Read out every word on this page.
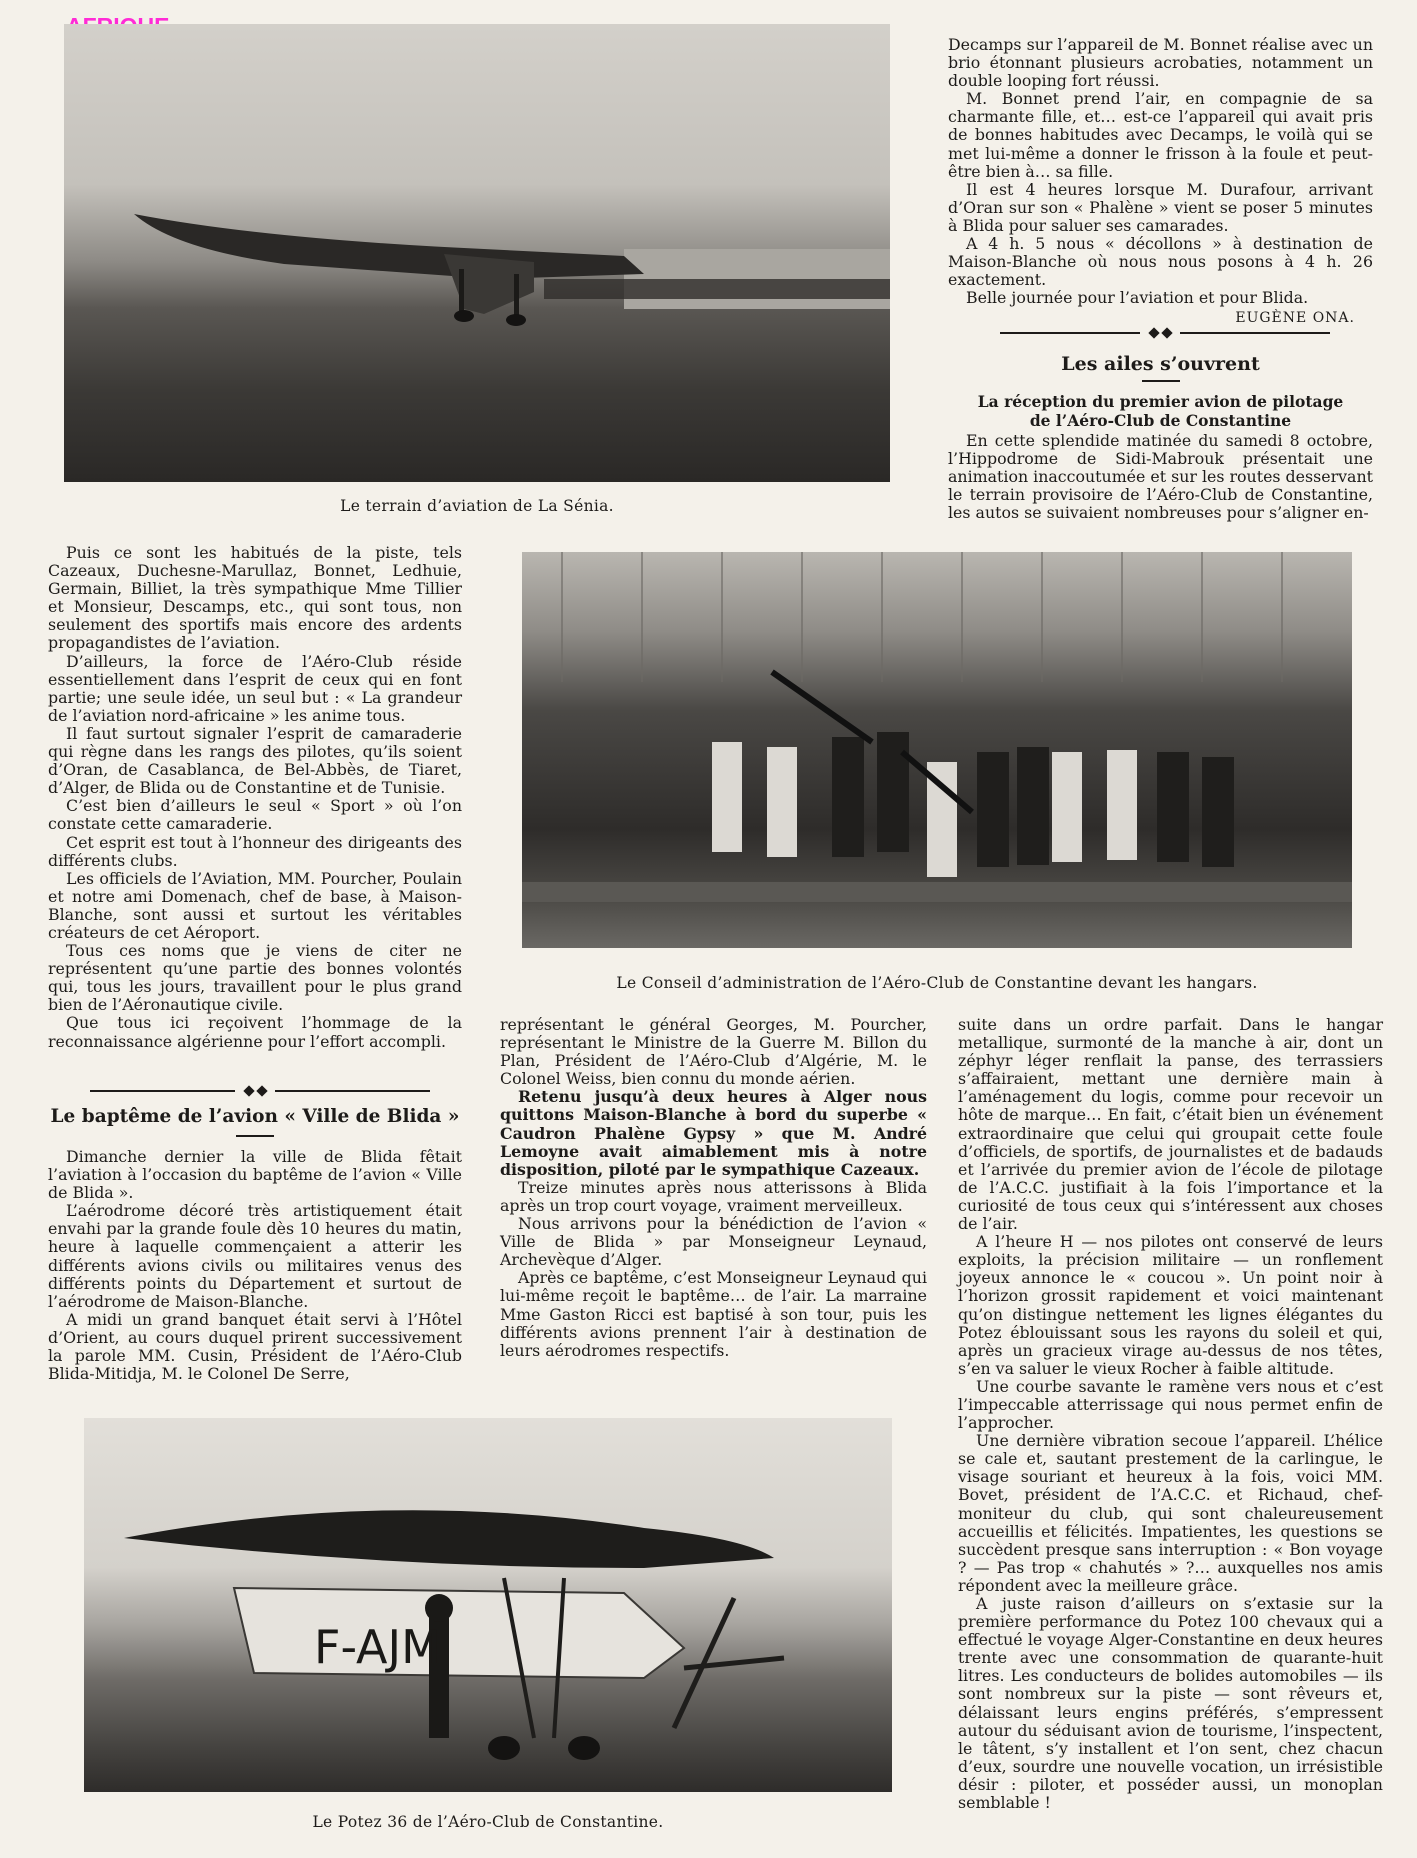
Le terrain d’aviation de La Sénia.

Decamps sur l’appareil de M. Bonnet réalise avec un brio étonnant plusieurs acrobaties, notamment un double looping fort réussi.

M. Bonnet prend l’air, en compagnie de sa charmante fille, et… est-ce l’appareil qui avait pris de bonnes habitudes avec Decamps, le voilà qui se met lui-même a donner le frisson à la foule et peut-être bien à… sa fille.

Il est 4 heures lorsque M. Durafour, arrivant d’Oran sur son « Phalène » vient se poser 5 minutes à Blida pour saluer ses camarades.

A 4 h. 5 nous « décollons » à destination de Maison-Blanche où nous nous posons à 4 h. 26 exactement.

Belle journée pour l’aviation et pour Blida.

EUGÈNE ONA.
Les ailes s’ouvrent
La réception du premier avion de pilotage
de l’Aéro-Club de Constantine

En cette splendide matinée du samedi 8 octobre, l’Hippodrome de Sidi-Mabrouk présentait une animation inaccoutumée et sur les routes desservant le terrain provisoire de l’Aéro-Club de Constantine, les autos se suivaient nombreuses pour s’aligner en-

Puis ce sont les habitués de la piste, tels Cazeaux, Duchesne-Marullaz, Bonnet, Ledhuie, Germain, Billiet, la très sympathique Mme Tillier et Monsieur, Descamps, etc., qui sont tous, non seulement des sportifs mais encore des ardents propagandistes de l’aviation.

D’ailleurs, la force de l’Aéro-Club réside essentiellement dans l’esprit de ceux qui en font partie; une seule idée, un seul but : « La grandeur de l’aviation nord-africaine » les anime tous.

Il faut surtout signaler l’esprit de camaraderie qui règne dans les rangs des pilotes, qu’ils soient d’Oran, de Casablanca, de Bel-Abbès, de Tiaret, d’Alger, de Blida ou de Constantine et de Tunisie.

C’est bien d’ailleurs le seul « Sport » où l’on constate cette camaraderie.

Cet esprit est tout à l’honneur des dirigeants des différents clubs.

Les officiels de l’Aviation, MM. Pourcher, Poulain et notre ami Domenach, chef de base, à Maison-Blanche, sont aussi et surtout les véritables créateurs de cet Aéroport.

Tous ces noms que je viens de citer ne représentent qu’une partie des bonnes volontés qui, tous les jours, travaillent pour le plus grand bien de l’Aéronautique civile.

Que tous ici reçoivent l’hommage de la reconnaissance algérienne pour l’effort accompli.

Le Conseil d’administration de l’Aéro-Club de Constantine devant les hangars.
Le baptême de l’avion « Ville de Blida »

Dimanche dernier la ville de Blida fêtait l’aviation à l’occasion du baptême de l’avion « Ville de Blida ».

L’aérodrome décoré très artistiquement était envahi par la grande foule dès 10 heures du matin, heure à laquelle commençaient a atterir les différents avions civils ou militaires venus des différents points du Département et surtout de l’aérodrome de Maison-Blanche.

A midi un grand banquet était servi à l’Hôtel d’Orient, au cours duquel prirent successivement la parole MM. Cusin, Président de l’Aéro-Club Blida-Mitidja, M. le Colonel De Serre,

représentant le général Georges, M. Pourcher, représentant le Ministre de la Guerre M. Billon du Plan, Président de l’Aéro-Club d’Algérie, M. le Colonel Weiss, bien connu du monde aérien.

Retenu jusqu’à deux heures à Alger nous quittons Maison-Blanche à bord du superbe « Caudron Phalène Gypsy » que M. André Lemoyne avait aimablement mis à notre disposition, piloté par le sympathique Cazeaux.

Treize minutes après nous atterissons à Blida après un trop court voyage, vraiment merveilleux.

Nous arrivons pour la bénédiction de l’avion « Ville de Blida » par Monseigneur Leynaud, Archevèque d’Alger.

Après ce baptême, c’est Monseigneur Leynaud qui lui-même reçoit le baptême… de l’air. La marraine Mme Gaston Ricci est baptisé à son tour, puis les différents avions prennent l’air à destination de leurs aérodromes respectifs.

suite dans un ordre parfait. Dans le hangar metallique, surmonté de la manche à air, dont un zéphyr léger renflait la panse, des terrassiers s’affairaient, mettant une dernière main à l’aménagement du logis, comme pour recevoir un hôte de marque… En fait, c’était bien un événement extraordinaire que celui qui groupait cette foule d’officiels, de sportifs, de journalistes et de badauds et l’arrivée du premier avion de l’école de pilotage de l’A.C.C. justifiait à la fois l’importance et la curiosité de tous ceux qui s’intéressent aux choses de l’air.

A l’heure H — nos pilotes ont conservé de leurs exploits, la précision militaire — un ronflement joyeux annonce le « coucou ». Un point noir à l’horizon grossit rapidement et voici maintenant qu’on distingue nettement les lignes élégantes du Potez éblouissant sous les rayons du soleil et qui, après un gracieux virage au-dessus de nos têtes, s’en va saluer le vieux Rocher à faible altitude.

Une courbe savante le ramène vers nous et c’est l’impeccable atterrissage qui nous permet enfin de l’approcher.

Une dernière vibration secoue l’appareil. L’hélice se cale et, sautant prestement de la carlingue, le visage souriant et heureux à la fois, voici MM. Bovet, président de l’A.C.C. et Richaud, chef-moniteur du club, qui sont chaleureusement accueillis et félicités. Impatientes, les questions se succèdent presque sans interruption : « Bon voyage ? — Pas trop « chahutés » ?… auxquelles nos amis répondent avec la meilleure grâce.

A juste raison d’ailleurs on s’extasie sur la première performance du Potez 100 chevaux qui a effectué le voyage Alger-Constantine en deux heures trente avec une consommation de quarante-huit litres. Les conducteurs de bolides automobiles — ils sont nombreux sur la piste — sont rêveurs et, délaissant leurs engins préférés, s’empressent autour du séduisant avion de tourisme, l’inspectent, le tâtent, s’y installent et l’on sent, chez chacun d’eux, sourdre une nouvelle vocation, un irrésistible désir : piloter, et posséder aussi, un monoplan semblable !

F-AJM
Le Potez 36 de l’Aéro-Club de Constantine.
